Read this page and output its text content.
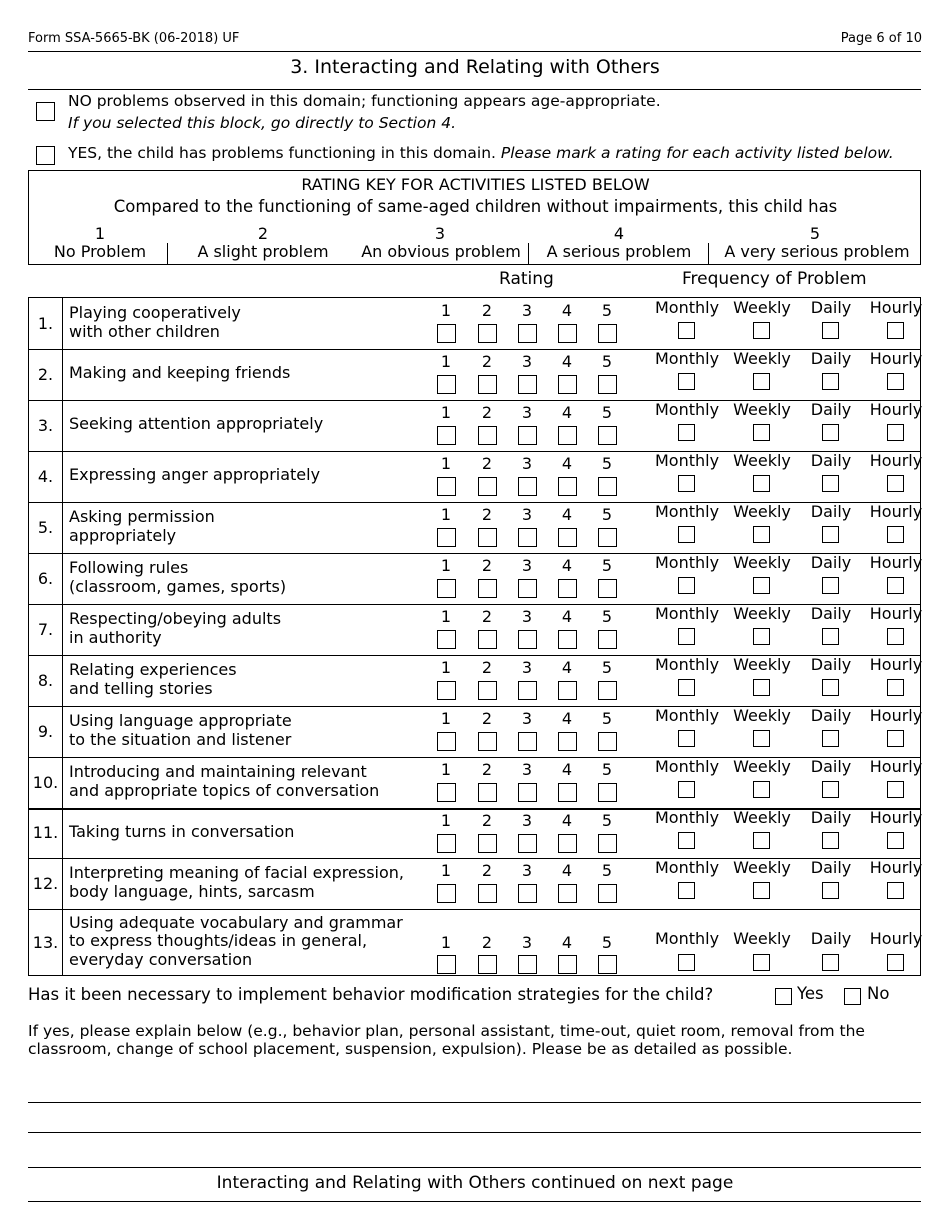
Form SSA-5665-BK (06-2018) UF	Page 6 of 10
3. Interacting and Relating with Others
NO problems observed in this domain; functioning appears age-appropriate.
If you selected this block, go directly to Section 4.
YES, the child has problems functioning in this domain. Please mark a rating for each activity listed below.
RATING KEY FOR ACTIVITIES LISTED BELOW
Compared to the functioning of same-aged children without impairments, this child has
1	2	3	4	5
No Problem	A slight problem	An obvious problem	A serious problem	A very serious problem
Rating	Frequency of Problem
1.
Playing cooperatively
with other children
1	2	3	4	5	Monthly Weekly	Daily	Hourly
2. Making and keeping friends
1	2	3	4	5	Monthly Weekly	Daily	Hourly
3. Seeking attention appropriately
1	2	3	4	5	Monthly Weekly	Daily	Hourly
4. Expressing anger appropriately
1	2	3	4	5	Monthly Weekly	Daily	Hourly
5.
Asking permission
appropriately
1	2	3	4	5	Monthly Weekly	Daily	Hourly
6.
Following rules
(classroom, games, sports)
1	2	3	4	5	Monthly Weekly	Daily	Hourly
7.
Respecting/obeying adults
in authority
1	2	3	4	5	Monthly Weekly	Daily	Hourly
8.
Relating experiences
and telling stories
1	2	3	4	5	Monthly Weekly	Daily	Hourly
9.
Using language appropriate
to the situation and listener
1	2	3	4	5	Monthly Weekly	Daily	Hourly
10.
Introducing and maintaining relevant
and appropriate topics of conversation
1	2	3	4	5	Monthly Weekly	Daily	Hourly
11. Taking turns in conversation
1	2	3	4	5	Monthly Weekly	Daily	Hourly
12.
Interpreting meaning of facial expression,
body language, hints, sarcasm
1	2	3	4	5	Monthly Weekly	Daily	Hourly
13.
Using adequate vocabulary and grammar
to express thoughts/ideas in general,
everyday conversation
1	2	3	4	5	Monthly Weekly	Daily	Hourly
Has it been necessary to implement behavior modification strategies for the child?	Yes	No
If yes, please explain below (e.g., behavior plan, personal assistant, time-out, quiet room, removal from the
classroom, change of school placement, suspension, expulsion). Please be as detailed as possible.
Interacting and Relating with Others continued on next page
